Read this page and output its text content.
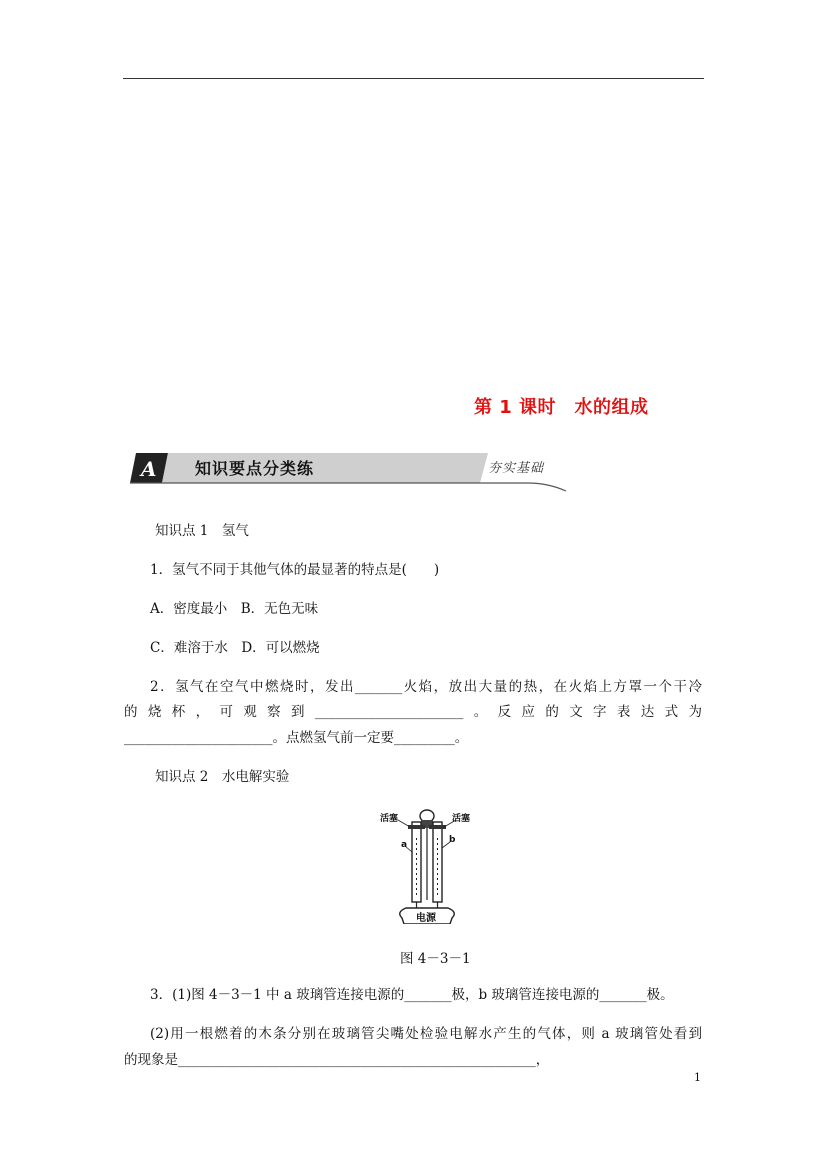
第 1 课时　水的组成
A 知识要点分类练	夯实基础
知识点 1　氢气
1．氢气不同于其他气体的最显著的特点是(　　)
A．密度最小　B．无色无味
C．难溶于水　D．可以燃烧
2．氢气在空气中燃烧时，发出_______火焰，放出大量的热，在火焰上方罩一个干冷
的烧杯，可观察到______________________。反应的文字表达式为
______________________。点燃氢气前一定要_________。
知识点 2　水电解实验
活塞	活塞
a	b
电源
图 4－3－1
3．(1)图 4－3－1 中 a 玻璃管连接电源的_______极，b 玻璃管连接电源的_______极。
(2)用一根燃着的木条分别在玻璃管尖嘴处检验电解水产生的气体，则 a 玻璃管处看到
的现象是_____________________________________________________，
1
